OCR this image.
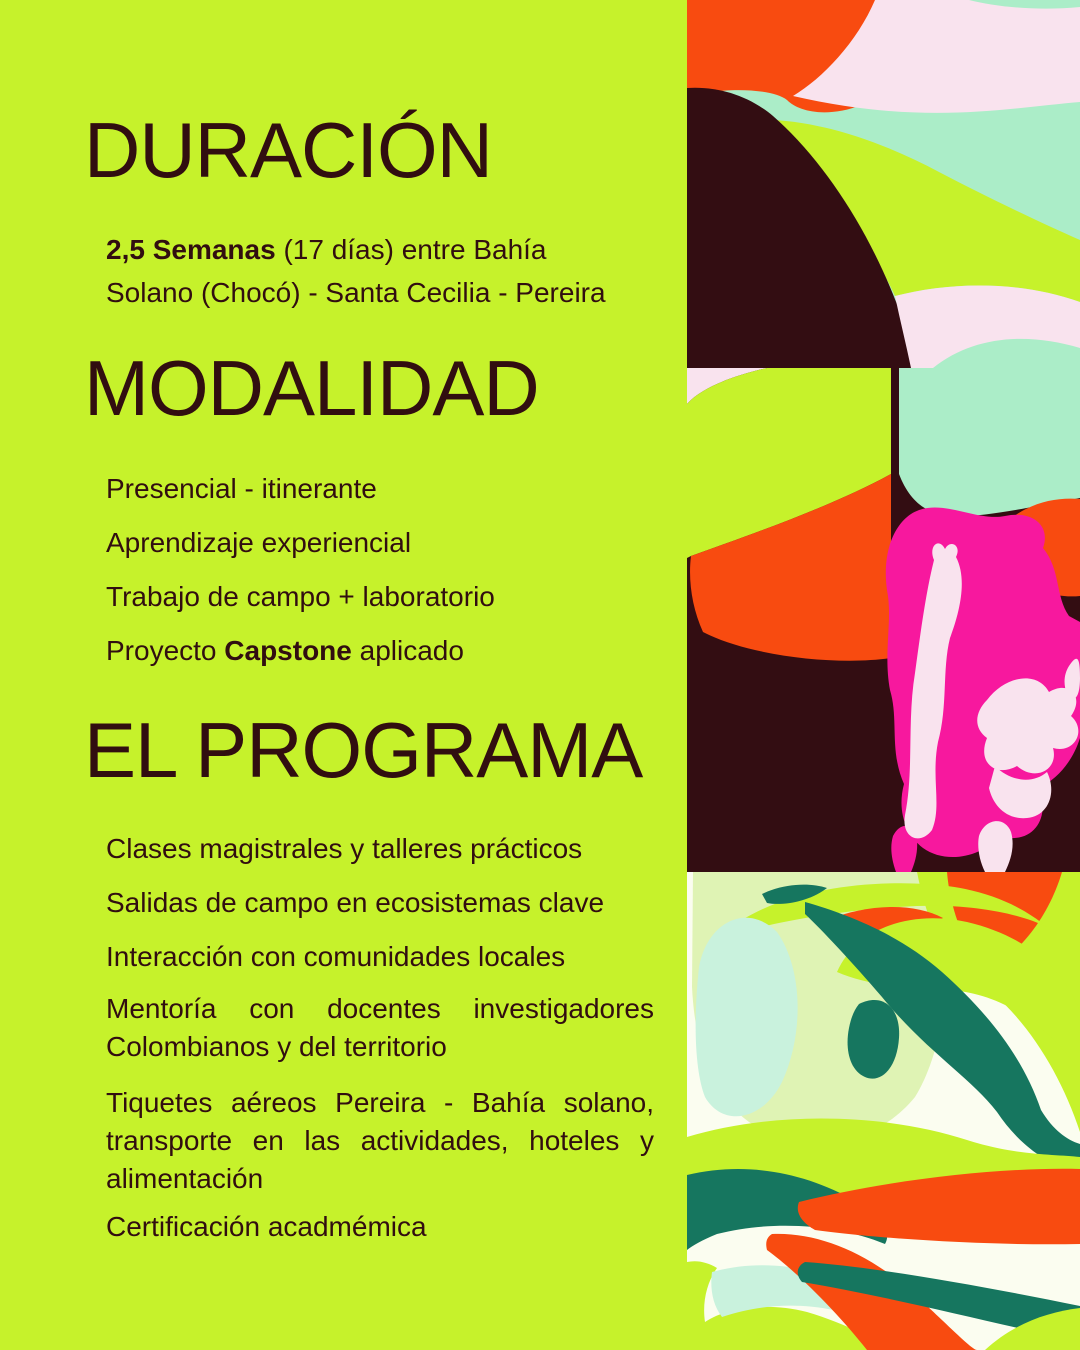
DURACIÓN

2,5 Semanas (17 días) entre Bahía Solano (Chocó) - Santa Cecilia - Pereira

MODALIDAD

Presencial - itinerante

Aprendizaje experiencial

Trabajo de campo + laboratorio

Proyecto Capstone aplicado

EL PROGRAMA

Clases magistrales y talleres prácticos

Salidas de campo en ecosistemas clave

Interacción con comunidades locales

Mentoría con docentes investigadores Colombianos y del territorio

Tiquetes aéreos Pereira - Bahía solano, transporte en las actividades, hoteles y alimentación

Certificación acadmémica
